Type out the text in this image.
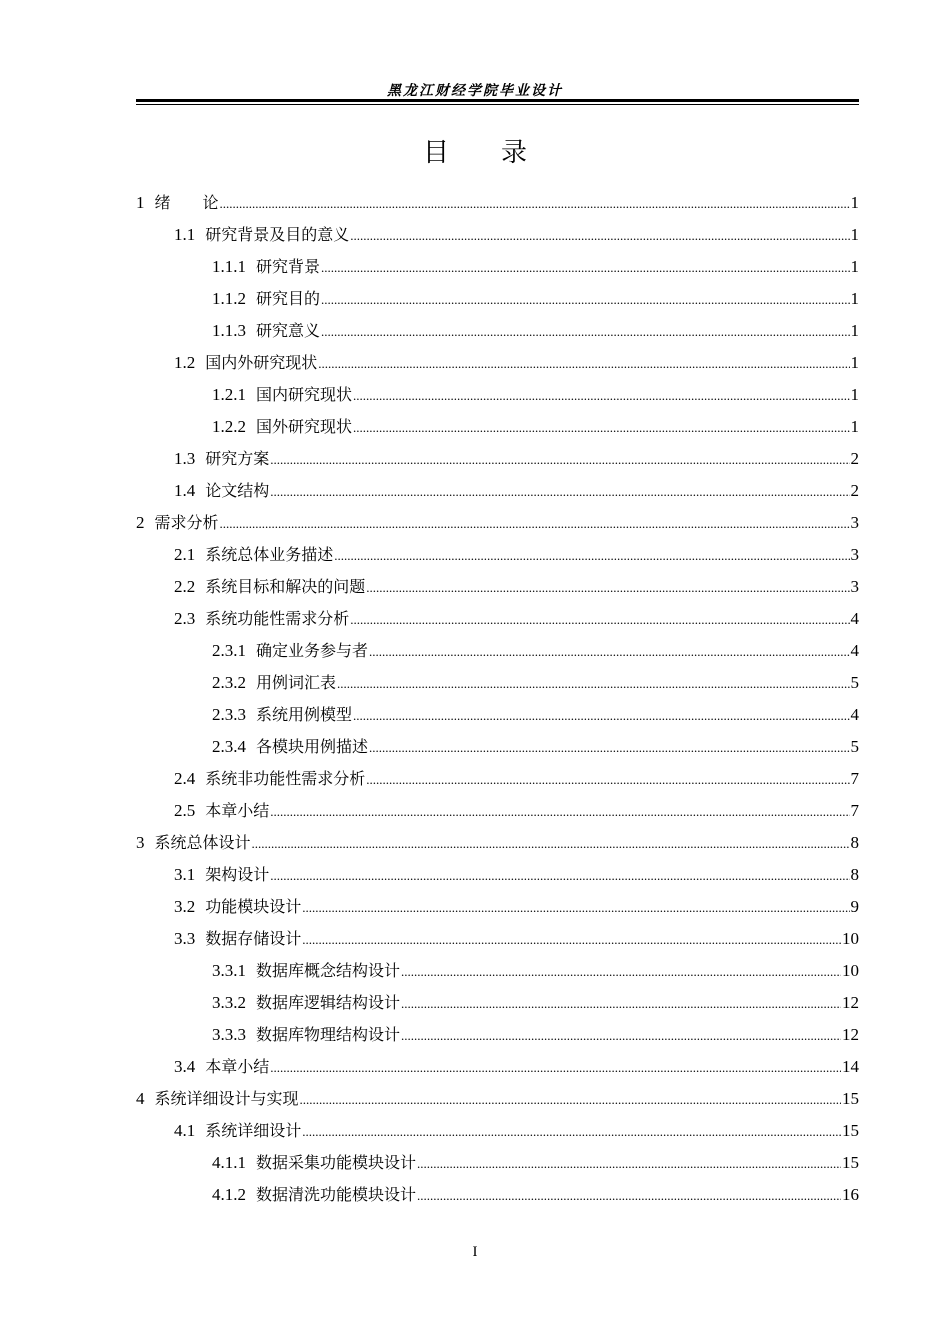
黑龙江财经学院毕业设计
目 录
1 绪　　论 .....	1
1.1 研究背景及目的意义 .....	1
1.1.1 研究背景 .....	1
1.1.2 研究目的 .....	1
1.1.3 研究意义 .....	1
1.2 国内外研究现状 .....	1
1.2.1 国内研究现状 .....	1
1.2.2 国外研究现状 .....	1
1.3 研究方案 .....	2
1.4 论文结构 .....	2
2 需求分析 .....	3
2.1 系统总体业务描述 .....	3
2.2 系统目标和解决的问题 .....	3
2.3 系统功能性需求分析 .....	4
2.3.1 确定业务参与者 .....	4
2.3.2 用例词汇表 .....	5
2.3.3 系统用例模型 .....	4
2.3.4 各模块用例描述 .....	5
2.4 系统非功能性需求分析 .....	7
2.5 本章小结 .....	7
3 系统总体设计 .....	8
3.1 架构设计 .....	8
3.2 功能模块设计 .....	9
3.3 数据存储设计 .....	10
3.3.1 数据库概念结构设计 .....	10
3.3.2 数据库逻辑结构设计 .....	12
3.3.3 数据库物理结构设计 .....	12
3.4 本章小结 .....	14
4 系统详细设计与实现 .....	15
4.1 系统详细设计 .....	15
4.1.1 数据采集功能模块设计 .....	15
4.1.2 数据清洗功能模块设计 .....	16
I
